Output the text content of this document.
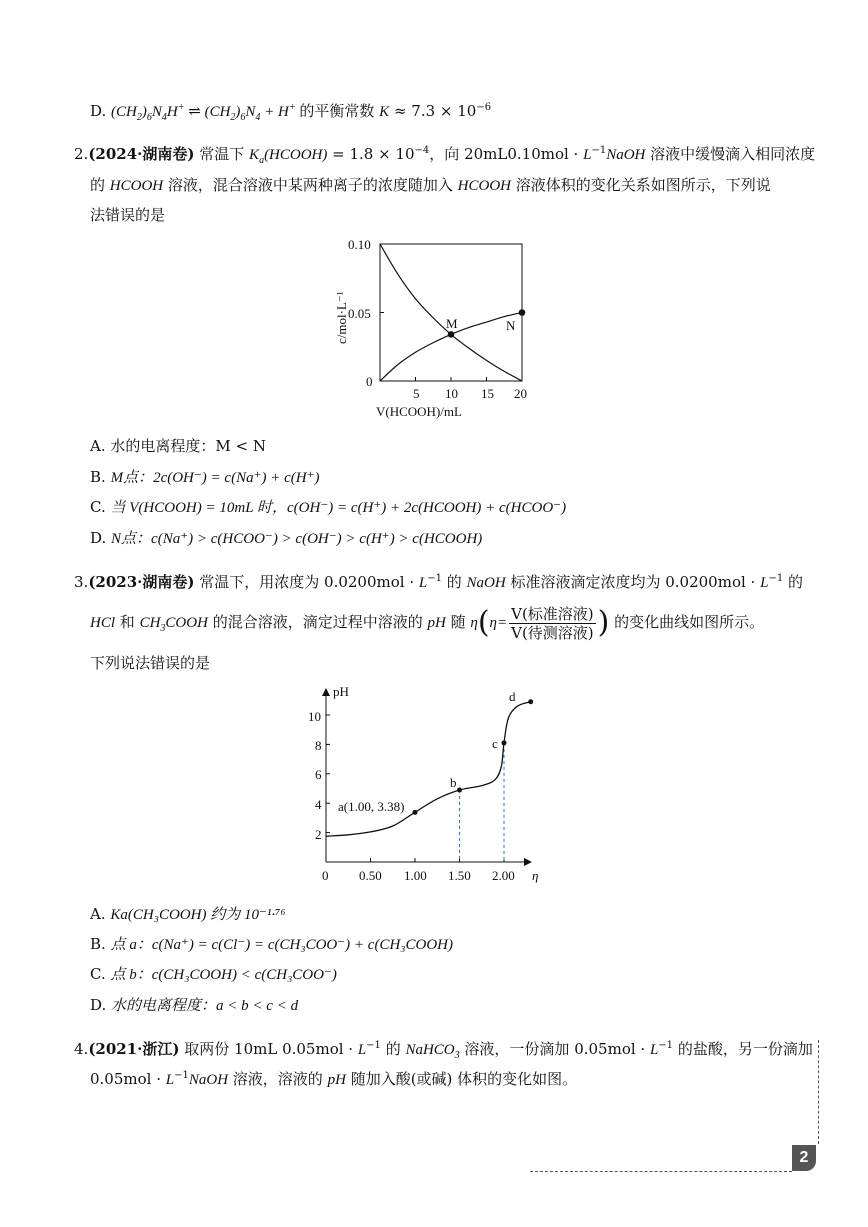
D. $(CH_2)_6N_4H^+$ ⇌ $(CH_2)_6N_4 + H^+$ 的平衡常数 $K \approx 7.3 \times 10^{-6}$
2.(2024·湖南卷) 常温下 $K_a(HCOOH) = 1.8 \times 10^{-4}$，向 $20mL0.10mol \cdot L^{-1}NaOH$ 溶液中缓慢滴入相同浓度
的 HCOOH 溶液，混合溶液中某两种离子的浓度随加入 HCOOH 溶液体积的变化关系如图所示，下列说
法错误的是
M	N
0.10
0.05
0
5 10 15 20
V(HCOOH)/mL
c/mol·L⁻¹
A. 水的电离程度：M < N
B. M点：2c(OH⁻) = c(Na⁺) + c(H⁺)
C. 当 V(HCOOH) = 10mL 时，c(OH⁻) = c(H⁺) + 2c(HCOOH) + c(HCOO⁻)
D. N点：c(Na⁺) > c(HCOO⁻) > c(OH⁻) > c(H⁺) > c(HCOOH)
3.(2023·湖南卷) 常温下，用浓度为 $0.0200mol \cdot L^{-1}$ 的 NaOH 标准溶液滴定浓度均为 $0.0200mol \cdot L^{-1}$ 的
HCl 和 $CH_3COOH$ 的混合溶液，滴定过程中溶液的 pH 随 $\eta(\eta= \frac{\text{V(标准溶液)}}{\text{V(待测溶液)}}$ ) 的变化曲线如图所示。
下列说法错误的是
a(1.00, 3.38)
b
c
d
pH
10
8
6
4
2
0 0.50 1.00 1.50 2.00 η
A. Ka(CH₃COOH) 约为 10⁻¹·⁷⁶
B. 点 a：c(Na⁺) = c(Cl⁻) = c(CH₃COO⁻) + c(CH₃COOH)
C. 点 b：c(CH₃COOH) < c(CH₃COO⁻)
D. 水的电离程度：a < b < c < d
4.(2021·浙江) 取两份 10mL $0.05mol \cdot L^{-1}$ 的 NaHCO$_3$ 溶液，一份滴加 $0.05mol \cdot L^{-1}$ 的盐酸，另一份滴加
$0.05mol \cdot L^{-1}NaOH$ 溶液，溶液的 pH 随加入酸(或碱) 体积的变化如图。
2
